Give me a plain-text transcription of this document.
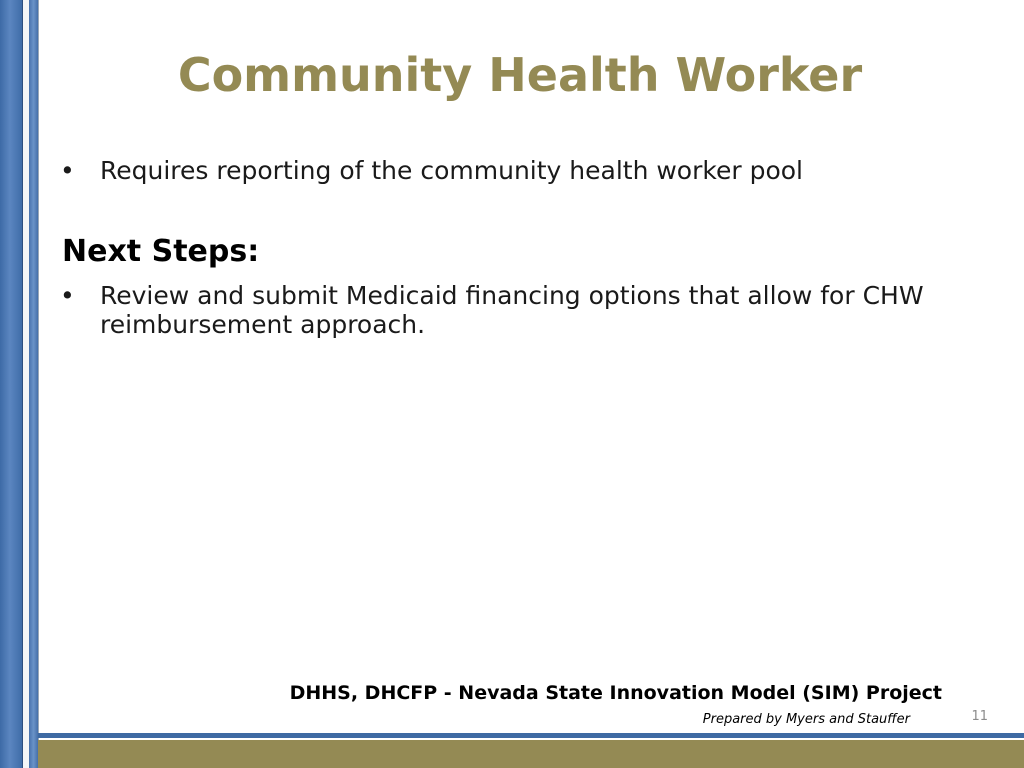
Community Health Worker
• Requires reporting of the community health worker pool
Next Steps:
• Review and submit Medicaid financing options that allow for CHW reimbursement approach.

DHHS, DHCFP - Nevada State Innovation Model (SIM) Project

Prepared by Myers and Stauffer	11
